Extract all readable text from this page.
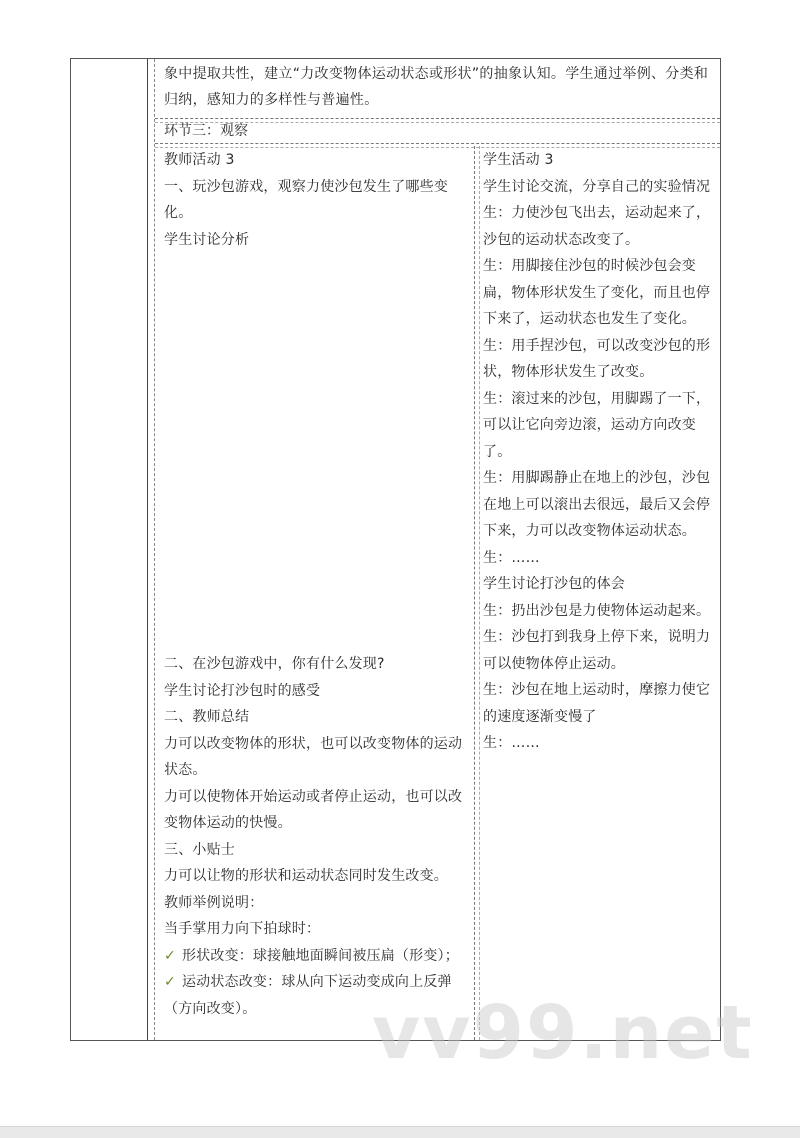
象中提取共性，建立“力改变物体运动状态或形状”的抽象认知。学生通过举例、分类和归纳，感知力的多样性与普遍性。
环节三：观察

教师活动 3

一、玩沙包游戏，观察力使沙包发生了哪些变化。

学生讨论分析

二、在沙包游戏中，你有什么发现?

学生讨论打沙包时的感受

二、教师总结

力可以改变物体的形状，也可以改变物体的运动状态。

力可以使物体开始运动或者停止运动，也可以改变物体运动的快慢。

三、小贴士

力可以让物的形状和运动状态同时发生改变。

教师举例说明：

当手掌用力向下拍球时：

✓ 形状改变：球接触地面瞬间被压扁（形变）；

✓ 运动状态改变：球从向下运动变成向上反弹（方向改变）。

学生活动 3

学生讨论交流，分享自己的实验情况

生：力使沙包飞出去，运动起来了，沙包的运动状态改变了。

生：用脚接住沙包的时候沙包会变扁，物体形状发生了变化，而且也停下来了，运动状态也发生了变化。

生：用手捏沙包，可以改变沙包的形状，物体形状发生了改变。

生：滚过来的沙包，用脚踢了一下，可以让它向旁边滚，运动方向改变了。

生：用脚踢静止在地上的沙包，沙包在地上可以滚出去很远，最后又会停下来，力可以改变物体运动状态。

生：……

学生讨论打沙包的体会

生：扔出沙包是力使物体运动起来。

生：沙包打到我身上停下来，说明力可以使物体停止运动。

生：沙包在地上运动时，摩擦力使它的速度逐渐变慢了

生：……

vv99.net
